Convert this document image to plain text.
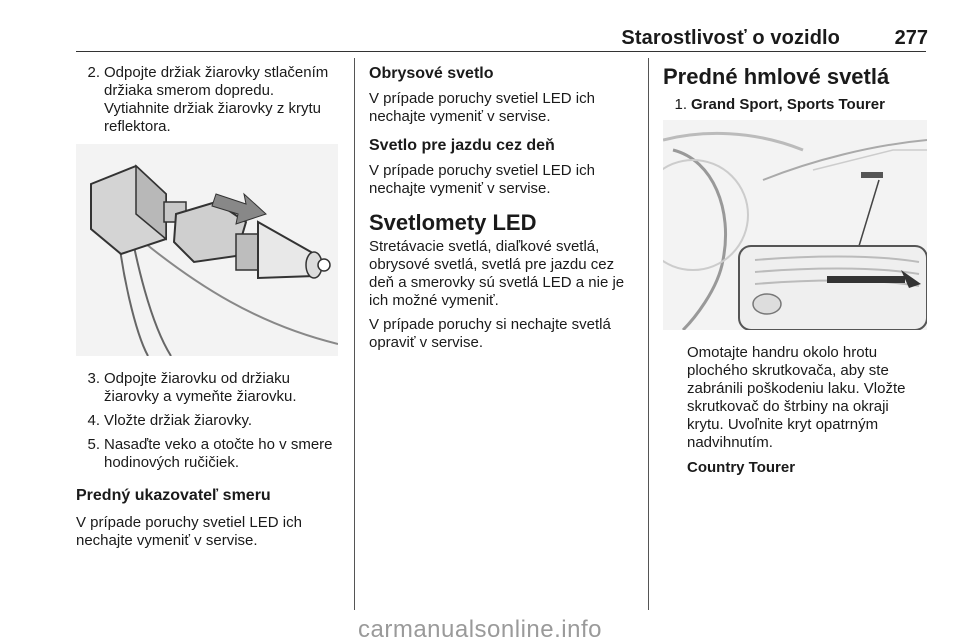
Starostlivosť o vozidlo	277
2. Odpojte držiak žiarovky stlačením držiaka smerom dopredu. Vytiahnite držiak žiarovky z krytu reflektora.
3. Odpojte žiarovku od držiaku žiarovky a vymeňte žiarovku.
4. Vložte držiak žiarovky.
5. Nasaďte veko a otočte ho v smere hodinových ručičiek.
Predný ukazovateľ smeru

V prípade poruchy svetiel LED ich nechajte vymeniť v servise.

Obrysové svetlo

V prípade poruchy svetiel LED ich nechajte vymeniť v servise.

Svetlo pre jazdu cez deň

V prípade poruchy svetiel LED ich nechajte vymeniť v servise.

Svetlomety LED

Stretávacie svetlá, diaľkové svetlá, obrysové svetlá, svetlá pre jazdu cez deň a smerovky sú svetlá LED a nie je ich možné vymeniť.

V prípade poruchy si nechajte svetlá opraviť v servise.

Predné hmlové svetlá
1. Grand Sport, Sports Tourer

Omotajte handru okolo hrotu plochého skrutkovača, aby ste zabránili poškodeniu laku. Vložte skrutkovač do štrbiny na okraji krytu. Uvoľnite kryt opatrným nadvihnutím.

Country Tourer
carmanualsonline.info
